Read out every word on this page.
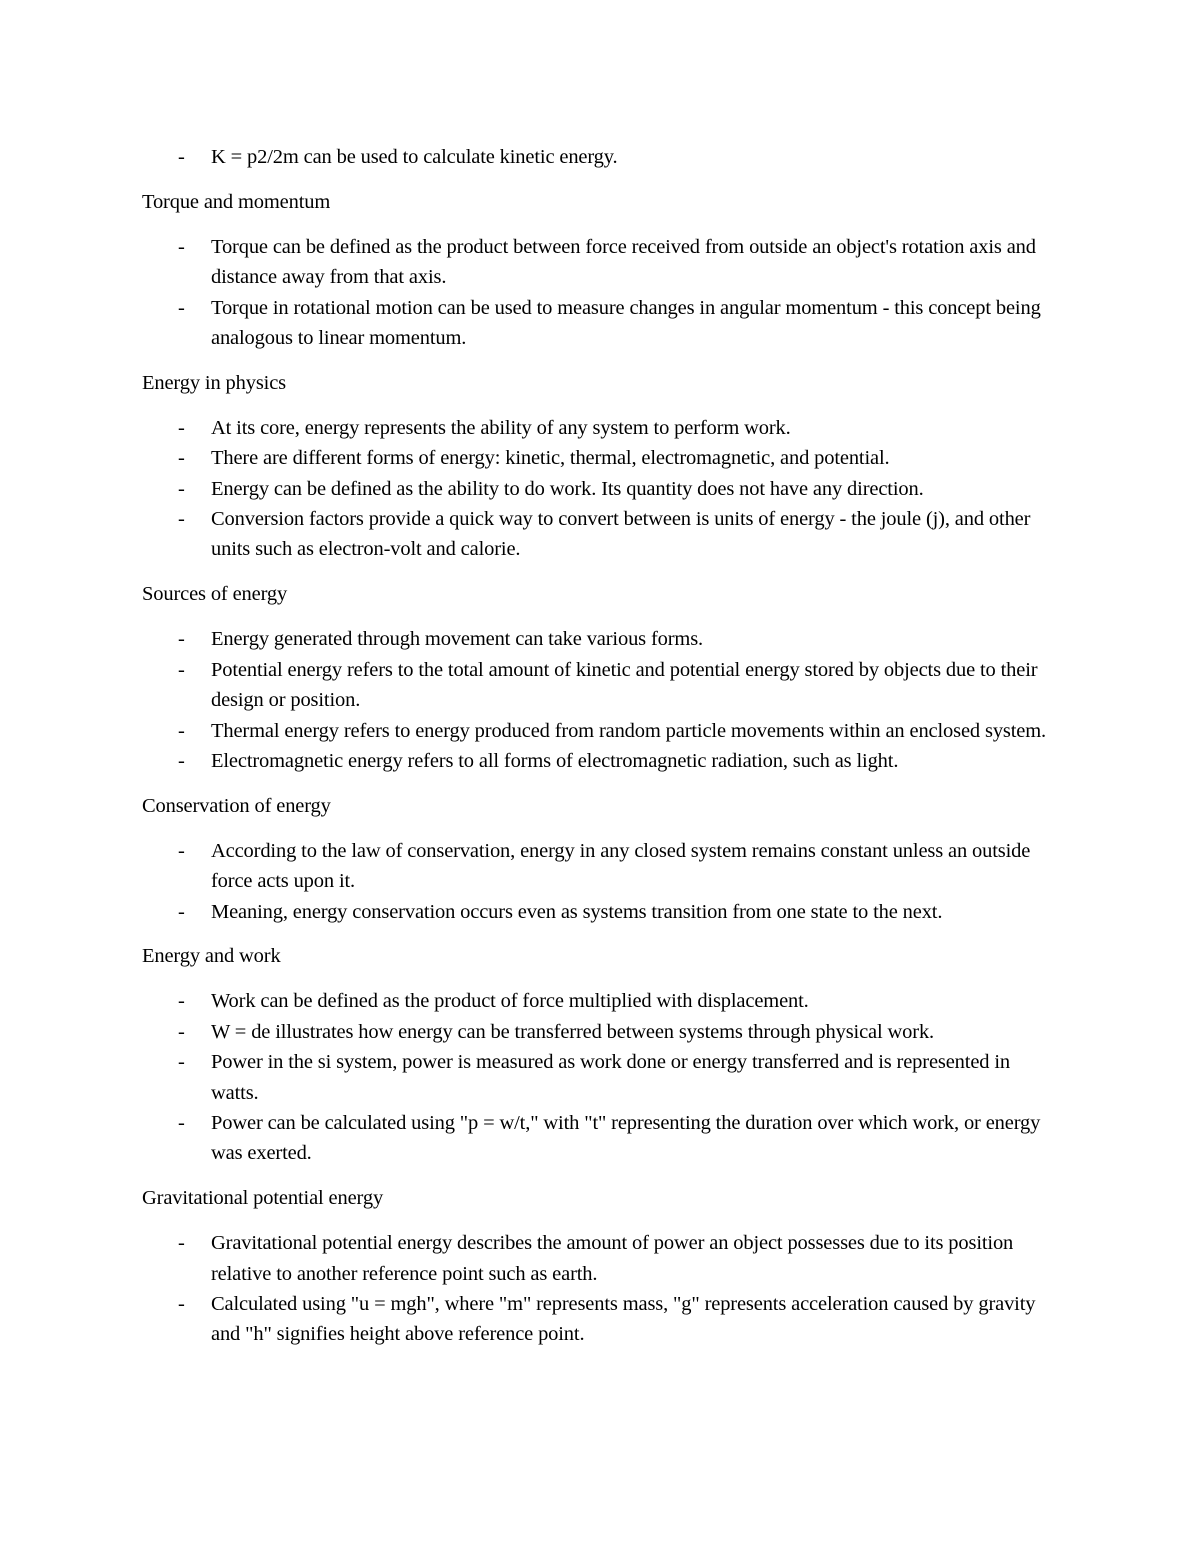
- K = p2/2m can be used to calculate kinetic energy.

Torque and momentum

- Torque can be defined as the product between force received from outside an object's rotation axis and distance away from that axis.
- Torque in rotational motion can be used to measure changes in angular momentum - this concept being analogous to linear momentum.

Energy in physics

- At its core, energy represents the ability of any system to perform work.
- There are different forms of energy: kinetic, thermal, electromagnetic, and potential.
- Energy can be defined as the ability to do work. Its quantity does not have any direction.
- Conversion factors provide a quick way to convert between is units of energy - the joule (j), and other units such as electron-volt and calorie.

Sources of energy

- Energy generated through movement can take various forms.
- Potential energy refers to the total amount of kinetic and potential energy stored by objects due to their design or position.
- Thermal energy refers to energy produced from random particle movements within an enclosed system.
- Electromagnetic energy refers to all forms of electromagnetic radiation, such as light.

Conservation of energy

- According to the law of conservation, energy in any closed system remains constant unless an outside force acts upon it.
- Meaning, energy conservation occurs even as systems transition from one state to the next.

Energy and work

- Work can be defined as the product of force multiplied with displacement.
- W = de illustrates how energy can be transferred between systems through physical work.
- Power in the si system, power is measured as work done or energy transferred and is represented in watts.
- Power can be calculated using "p = w/t," with "t" representing the duration over which work, or energy was exerted.

Gravitational potential energy

- Gravitational potential energy describes the amount of power an object possesses due to its position relative to another reference point such as earth.
- Calculated using "u = mgh", where "m" represents mass, "g" represents acceleration caused by gravity and "h" signifies height above reference point.
